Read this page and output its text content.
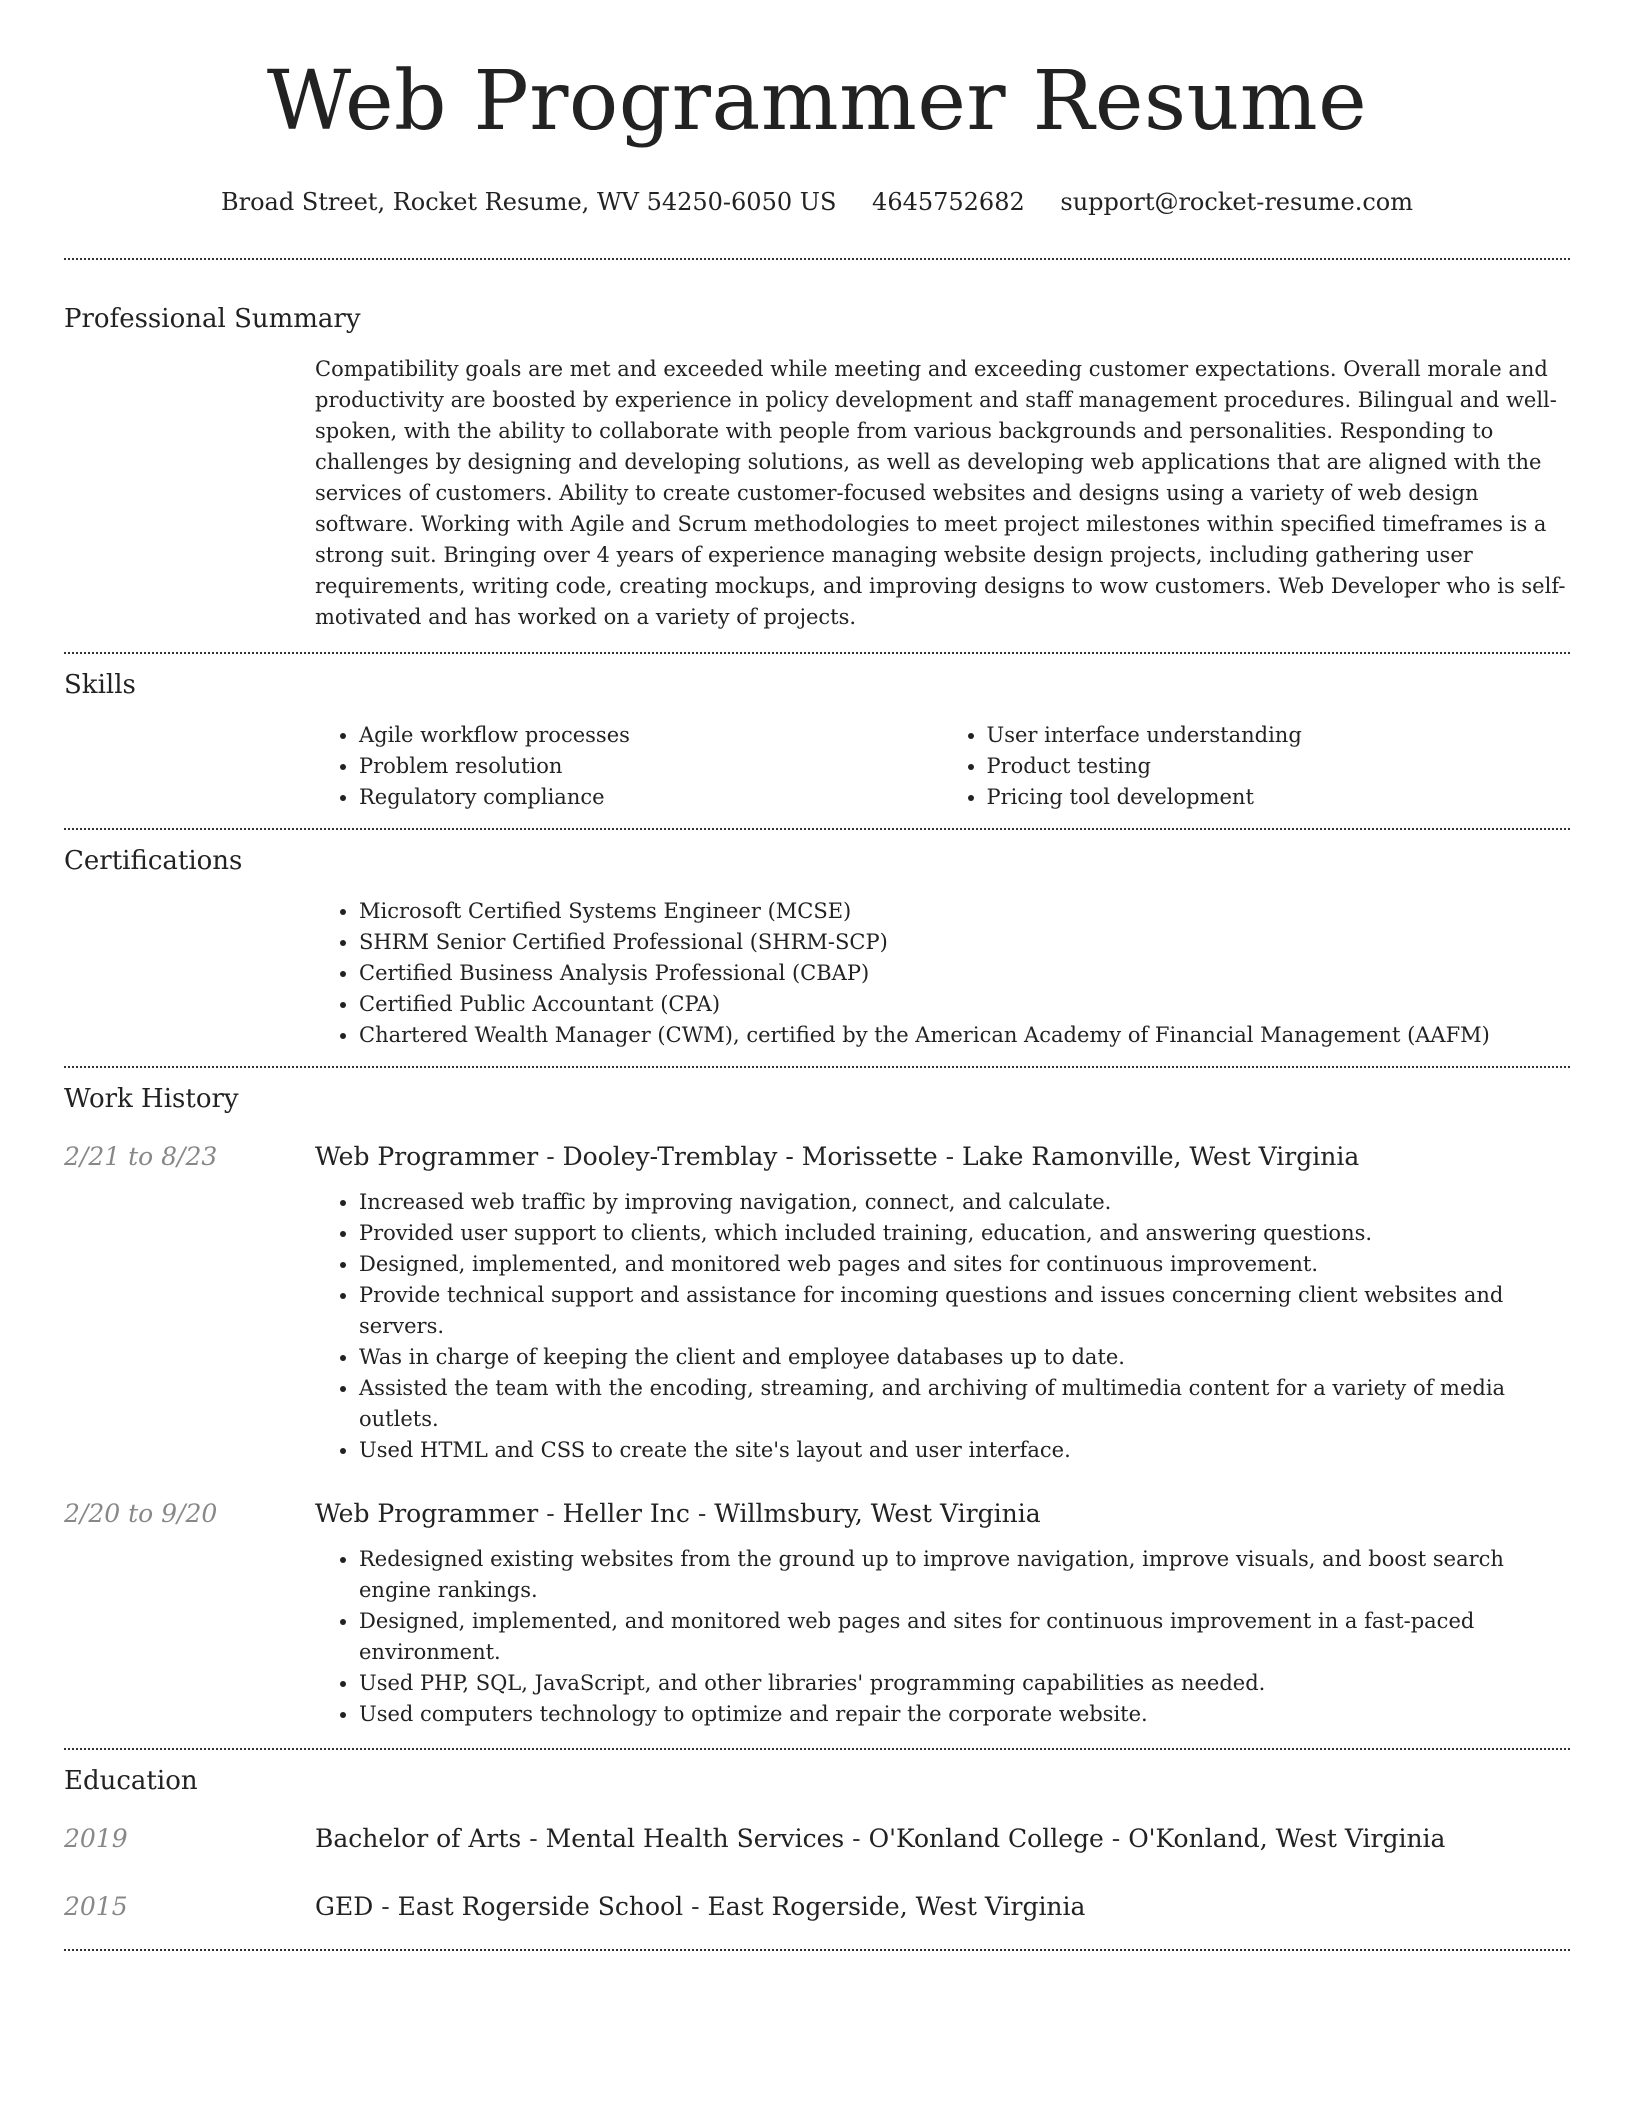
Web Programmer Resume
Broad Street, Rocket Resume, WV 54250-6050 US 4645752682 support@rocket-resume.com
Professional Summary

Compatibility goals are met and exceeded while meeting and exceeding customer expectations. Overall morale and productivity are boosted by experience in policy development and staff management procedures. Bilingual and well-spoken, with the ability to collaborate with people from various backgrounds and personalities. Responding to challenges by designing and developing solutions, as well as developing web applications that are aligned with the services of customers. Ability to create customer-focused websites and designs using a variety of web design software. Working with Agile and Scrum methodologies to meet project milestones within specified timeframes is a strong suit. Bringing over 4 years of experience managing website design projects, including gathering user requirements, writing code, creating mockups, and improving designs to wow customers. Web Developer who is self-motivated and has worked on a variety of projects.

Skills
• Agile workflow processes
• Problem resolution
• Regulatory compliance
• User interface understanding
• Product testing
• Pricing tool development
Certifications
• Microsoft Certified Systems Engineer (MCSE)
• SHRM Senior Certified Professional (SHRM-SCP)
• Certified Business Analysis Professional (CBAP)
• Certified Public Accountant (CPA)
• Chartered Wealth Manager (CWM), certified by the American Academy of Financial Management (AAFM)
Work History
2/21 to 8/23	Web Programmer - Dooley-Tremblay - Morissette - Lake Ramonville, West Virginia
• Increased web traffic by improving navigation, connect, and calculate.
• Provided user support to clients, which included training, education, and answering questions.
• Designed, implemented, and monitored web pages and sites for continuous improvement.
• Provide technical support and assistance for incoming questions and issues concerning client websites and servers.
• Was in charge of keeping the client and employee databases up to date.
• Assisted the team with the encoding, streaming, and archiving of multimedia content for a variety of media outlets.
• Used HTML and CSS to create the site's layout and user interface.
2/20 to 9/20	Web Programmer - Heller Inc - Willmsbury, West Virginia
• Redesigned existing websites from the ground up to improve navigation, improve visuals, and boost search engine rankings.
• Designed, implemented, and monitored web pages and sites for continuous improvement in a fast-paced environment.
• Used PHP, SQL, JavaScript, and other libraries' programming capabilities as needed.
• Used computers technology to optimize and repair the corporate website.
Education
2019	Bachelor of Arts - Mental Health Services - O'Konland College - O'Konland, West Virginia
2015	GED - East Rogerside School - East Rogerside, West Virginia
